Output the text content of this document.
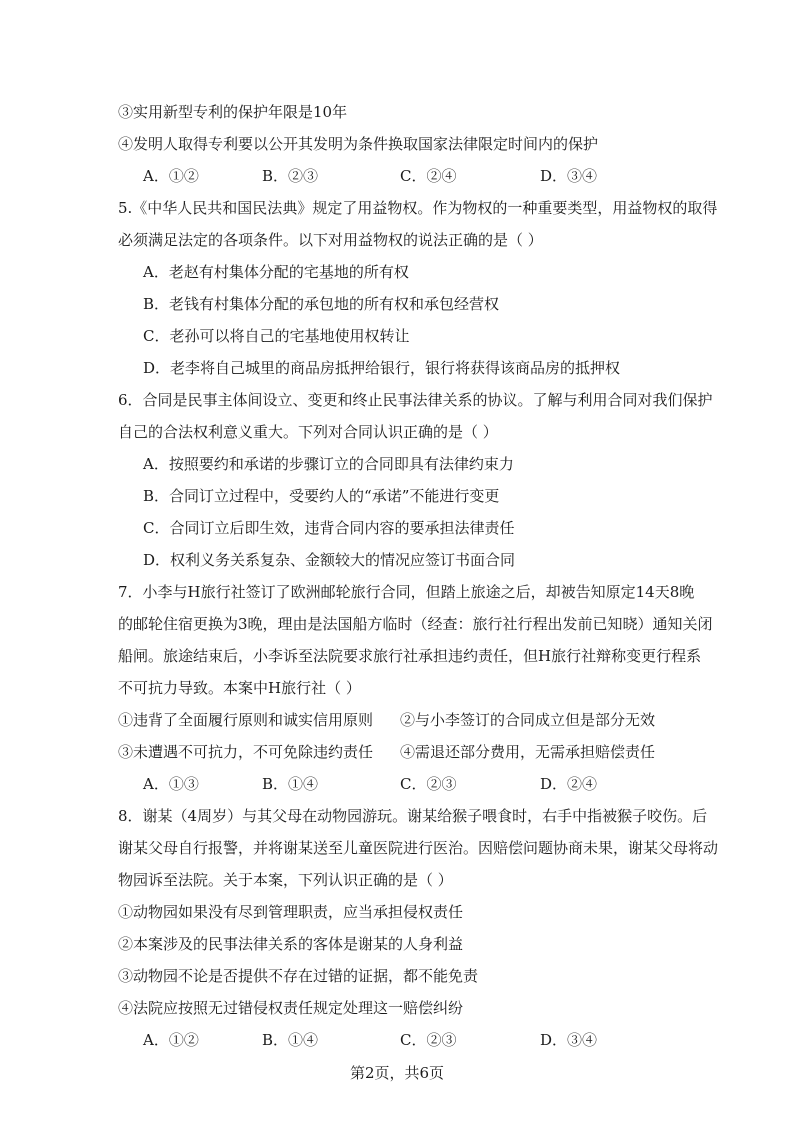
③实用新型专利的保护年限是10年
④发明人取得专利要以公开其发明为条件换取国家法律限定时间内的保护
A．①②	B．②③	C．②④	D．③④
5.《中华人民共和国民法典》规定了用益物权。作为物权的一种重要类型，用益物权的取得
必须满足法定的各项条件。以下对用益物权的说法正确的是（ ）
A．老赵有村集体分配的宅基地的所有权
B．老钱有村集体分配的承包地的所有权和承包经营权
C．老孙可以将自己的宅基地使用权转让
D．老李将自己城里的商品房抵押给银行，银行将获得该商品房的抵押权
6．合同是民事主体间设立、变更和终止民事法律关系的协议。了解与利用合同对我们保护
自己的合法权利意义重大。下列对合同认识正确的是（ ）
A．按照要约和承诺的步骤订立的合同即具有法律约束力
B．合同订立过程中，受要约人的“承诺”不能进行变更
C．合同订立后即生效，违背合同内容的要承担法律责任
D．权利义务关系复杂、金额较大的情况应签订书面合同
7．小李与H旅行社签订了欧洲邮轮旅行合同，但踏上旅途之后，却被告知原定14天8晚
的邮轮住宿更换为3晚，理由是法国船方临时（经查：旅行社行程出发前已知晓）通知关闭
船闸。旅途结束后，小李诉至法院要求旅行社承担违约责任，但H旅行社辩称变更行程系
不可抗力导致。本案中H旅行社（ ）
①违背了全面履行原则和诚实信用原则 ②与小李签订的合同成立但是部分无效
③未遭遇不可抗力，不可免除违约责任 ④需退还部分费用，无需承担赔偿责任
A．①③	B．①④	C．②③	D．②④
8．谢某（4周岁）与其父母在动物园游玩。谢某给猴子喂食时，右手中指被猴子咬伤。后
谢某父母自行报警，并将谢某送至儿童医院进行医治。因赔偿问题协商未果，谢某父母将动
物园诉至法院。关于本案，下列认识正确的是（ ）
①动物园如果没有尽到管理职责，应当承担侵权责任
②本案涉及的民事法律关系的客体是谢某的人身利益
③动物园不论是否提供不存在过错的证据，都不能免责
④法院应按照无过错侵权责任规定处理这一赔偿纠纷
A．①②	B．①④	C．②③	D．③④
第2页，共6页
